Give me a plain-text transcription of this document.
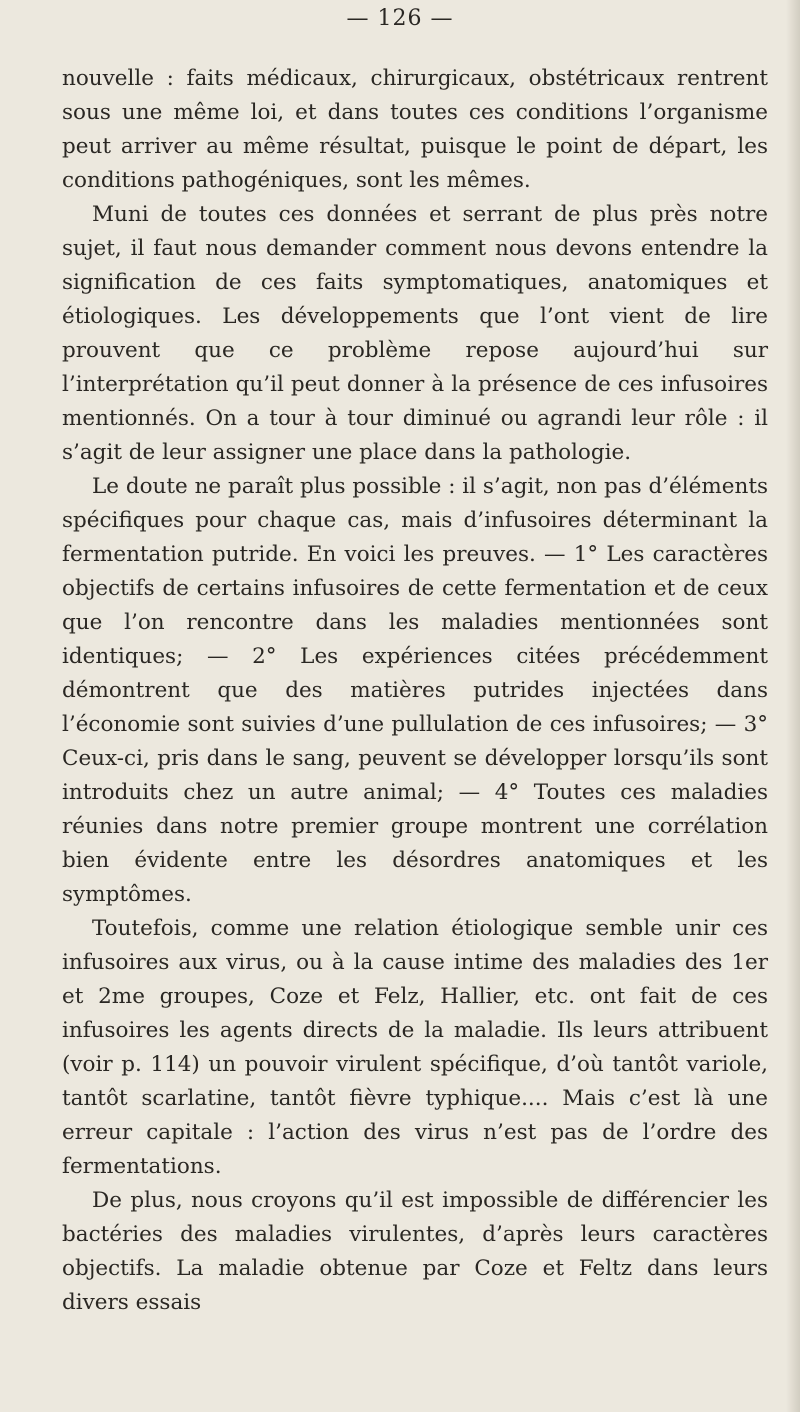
— 126 —

nouvelle : faits médicaux, chirurgicaux, obstétricaux rentrent sous une même loi, et dans toutes ces conditions l’organisme peut arriver au même résultat, puisque le point de départ, les conditions pathogéniques, sont les mêmes.

Muni de toutes ces données et serrant de plus près notre sujet, il faut nous demander comment nous devons entendre la signification de ces faits symptomatiques, anatomiques et étiologiques. Les développements que l’ont vient de lire prouvent que ce problème repose aujourd’hui sur l’interprétation qu’il peut donner à la présence de ces infusoires mentionnés. On a tour à tour diminué ou agrandi leur rôle : il s’agit de leur assigner une place dans la pathologie.

Le doute ne paraît plus possible : il s’agit, non pas d’éléments spécifiques pour chaque cas, mais d’infusoires déterminant la fermentation putride. En voici les preuves. — 1° Les caractères objectifs de certains infusoires de cette fermentation et de ceux que l’on rencontre dans les maladies mentionnées sont identiques; — 2° Les expériences citées précédemment démontrent que des matières putrides injectées dans l’économie sont suivies d’une pullulation de ces infusoires; — 3° Ceux-ci, pris dans le sang, peuvent se développer lorsqu’ils sont introduits chez un autre animal; — 4° Toutes ces maladies réunies dans notre premier groupe montrent une corrélation bien évidente entre les désordres anatomiques et les symptômes.

Toutefois, comme une relation étiologique semble unir ces infusoires aux virus, ou à la cause intime des maladies des 1er et 2me groupes, Coze et Felz, Hallier, etc. ont fait de ces infusoires les agents directs de la maladie. Ils leurs attribuent (voir p. 114) un pouvoir virulent spécifique, d’où tantôt variole, tantôt scarlatine, tantôt fièvre typhique.... Mais c’est là une erreur capitale : l’action des virus n’est pas de l’ordre des fermentations.

De plus, nous croyons qu’il est impossible de différencier les bactéries des maladies virulentes, d’après leurs caractères objectifs. La maladie obtenue par Coze et Feltz dans leurs divers essais
